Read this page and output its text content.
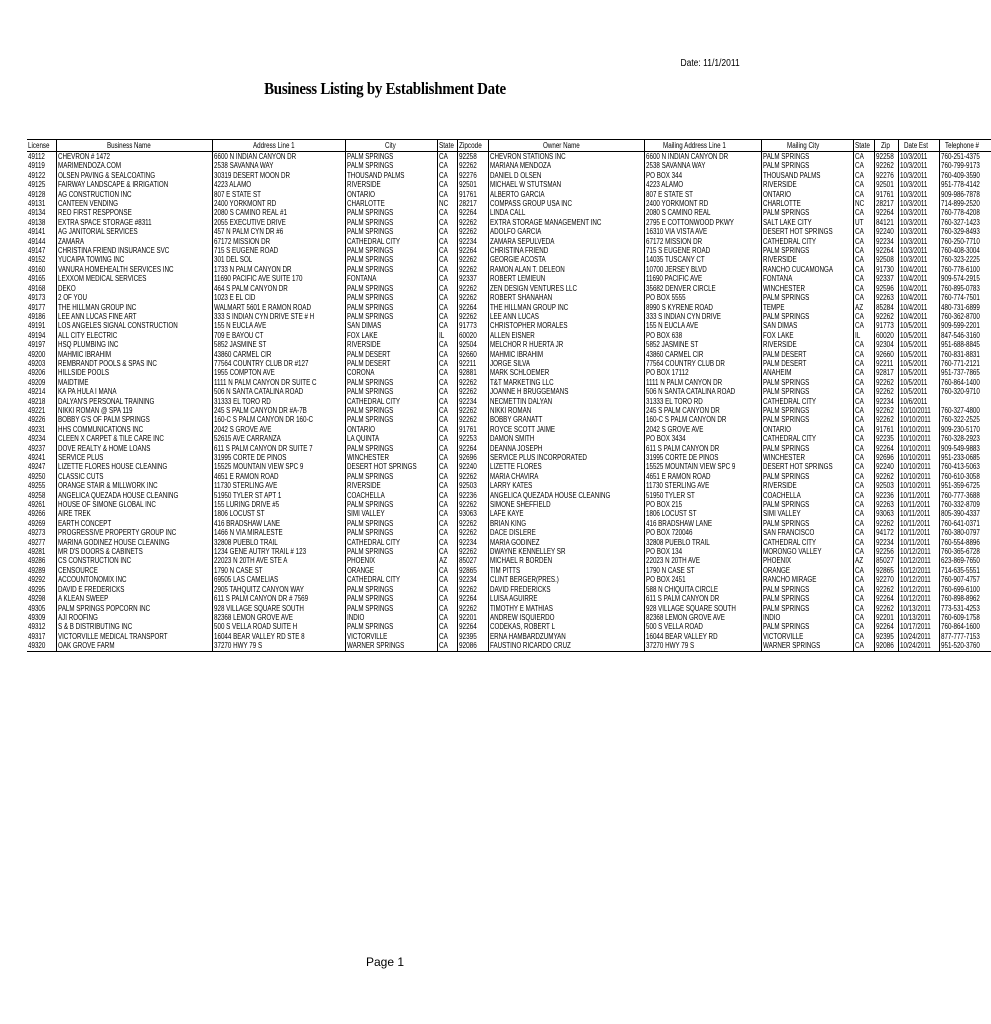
Date: 11/1/2011
Business Listing by Establishment Date
License	Business Name	Address Line 1	City	State	Zipcode	Owner Name	Mailing Address Line 1	Mailing City	State	Zip	Date Est	Telephone #
49112	CHEVRON # 1472	6600 N INDIAN CANYON DR	PALM SPRINGS	CA	92258	CHEVRON STATIONS INC	6600 N INDIAN CANYON DR	PALM SPRINGS	CA	92258	10/3/2011	760-251-4375
49119	MARIMENDOZA.COM	2538 SAVANNA WAY	PALM SPRINGS	CA	92262	MARIANA MENDOZA	2538 SAVANNA WAY	PALM SPRINGS	CA	92262	10/3/2011	760-799-9173
49122	OLSEN PAVING & SEALCOATING	30319 DESERT MOON DR	THOUSAND PALMS	CA	92276	DANIEL D OLSEN	PO BOX 344	THOUSAND PALMS	CA	92276	10/3/2011	760-409-3590
49125	FAIRWAY LANDSCAPE & IRRIGATION	4223 ALAMO	RIVERSIDE	CA	92501	MICHAEL W STUTSMAN	4223 ALAMO	RIVERSIDE	CA	92501	10/3/2011	951-778-4142
49128	AG CONSTRUCTION INC	807 E STATE ST	ONTARIO	CA	91761	ALBERTO GARCIA	807 E STATE ST	ONTARIO	CA	91761	10/3/2011	909-986-7878
49131	CANTEEN VENDING	2400 YORKMONT RD	CHARLOTTE	NC	28217	COMPASS GROUP USA INC	2400 YORKMONT RD	CHARLOTTE	NC	28217	10/3/2011	714-899-2520
49134	REO FIRST RESPPONSE	2080 S CAMINO REAL #1	PALM SPRINGS	CA	92264	LINDA CALL	2080 S CAMINO REAL	PALM SPRINGS	CA	92264	10/3/2011	760-778-4208
49138	EXTRA SPACE STORAGE #8311	2055 EXECUTIVE DRIVE	PALM SPRINGS	CA	92262	EXTRA STORAGE MANAGEMENT INC	2795 E COTTONWOOD PKWY	SALT LAKE CITY	UT	84121	10/3/2011	760-327-1423
49141	AG JANITORIAL SERVICES	457 N PALM CYN DR #6	PALM SPRINGS	CA	92262	ADOLFO GARCIA	16310 VIA VISTA AVE	DESERT HOT SPRINGS	CA	92240	10/3/2011	760-329-8493
49144	ZAMARA	67172 MISSION DR	CATHEDRAL CITY	CA	92234	ZAMARA SEPULVEDA	67172 MISSION DR	CATHEDRAL CITY	CA	92234	10/3/2011	760-250-7710
49147	CHRISTINA FRIEND INSURANCE SVC	715 S EUGENE ROAD	PALM SPRINGS	CA	92264	CHRISTINA FRIEND	715 S EUGENE ROAD	PALM SPRINGS	CA	92264	10/3/2011	760-408-3004
49152	YUCAIPA TOWING INC	301 DEL SOL	PALM SPRINGS	CA	92262	GEORGIE ACOSTA	14035 TUSCANY CT	RIVERSIDE	CA	92508	10/3/2011	760-323-2225
49160	VANURA HOMEHEALTH SERVICES INC	1733 N PALM CANYON DR	PALM SPRINGS	CA	92262	RAMON ALAN T. DELEON	10700 JERSEY BLVD	RANCHO CUCAMONGA	CA	91730	10/4/2011	760-778-6100
49165	LEXXOM MEDICAL SERVICES	11690 PACIFIC AVE SUITE 170	FONTANA	CA	92337	ROBERT LEMIEUN	11690 PACIFIC AVE	FONTANA	CA	92337	10/4/2011	909-574-2915
49168	DEKO	464 S PALM CANYON DR	PALM SPRINGS	CA	92262	ZEN DESIGN VENTURES LLC	35682 DENVER CIRCLE	WINCHESTER	CA	92596	10/4/2011	760-895-0783
49173	2 OF YOU	1023 E EL CID	PALM SPRINGS	CA	92262	ROBERT SHANAHAN	PO BOX 5555	PALM SPRINGS	CA	92263	10/4/2011	760-774-7501
49177	THE HILLMAN GROUP INC	WALMART 5601 E RAMON ROAD	PALM SPRINGS	CA	92264	THE HILLMAN GROUP INC	8990 S KYRENE ROAD	TEMPE	AZ	85284	10/4/2011	480-731-6899
49186	LEE ANN LUCAS FINE ART	333 S INDIAN CYN DRIVE STE # H	PALM SPRINGS	CA	92262	LEE ANN LUCAS	333 S INDIAN CYN DRIVE	PALM SPRINGS	CA	92262	10/4/2011	760-362-8700
49191	LOS ANGELES SIGNAL CONSTRUCTION	155 N EUCLA AVE	SAN DIMAS	CA	91773	CHRISTOPHER MORALES	155 N EUCLA AVE	SAN DIMAS	CA	91773	10/5/2011	909-599-2201
49194	ALL CITY ELECTRIC	709 E BAYOU CT	FOX LAKE	IL	60020	ALLEN EISNER	PO BOX 638	FOX LAKE	IL	60020	10/5/2011	847-546-3160
49197	HSQ PLUMBING INC	5852 JASMINE ST	RIVERSIDE	CA	92504	MELCHOR R HUERTA JR	5852 JASMINE ST	RIVERSIDE	CA	92304	10/5/2011	951-688-8845
49200	MAHMIC IBRAHIM	43860 CARMEL CIR	PALM DESERT	CA	92660	MAHMIC IBRAHIM	43860 CARMEL CIR	PALM DESERT	CA	92660	10/5/2011	760-831-8831
49203	REMBRANDT POOLS & SPAS INC	77564 COUNTRY CLUB DR #127	PALM DESERT	CA	92211	JORGE SILVA	77564 COUNTRY CLUB DR	PALM DESERT	CA	92211	10/5/2011	760-771-2121
49206	HILLSIDE POOLS	1955 COMPTON AVE	CORONA	CA	92881	MARK SCHLOEMER	PO BOX 17112	ANAHEIM	CA	92817	10/5/2011	951-737-7865
49209	MAIDTIME	1111 N PALM CANYON DR SUITE C	PALM SPRINGS	CA	92262	T&T MARKETING LLC	1111 N PALM CANYON DR	PALM SPRINGS	CA	92262	10/5/2011	760-864-1400
49214	KA PA HULA I MANA	506 N SANTA CATALINA ROAD	PALM SPRINGS	CA	92262	JOANNE H BRUGGEMANS	506 N SANTA CATALINA ROAD	PALM SPRINGS	CA	92262	10/5/2011	760-320-9710
49218	DALYAN'S PERSONAL TRAINING	31333 EL TORO RD	CATHEDRAL CITY	CA	92234	NECMETTIN DALYAN	31333 EL TORO RD	CATHEDRAL CITY	CA	92234	10/6/2011	
49221	NIKKI ROMAN @ SPA 119	245 S PALM CANYON DR #A-7B	PALM SPRINGS	CA	92262	NIKKI ROMAN	245 S PALM CANYON DR	PALM SPRINGS	CA	92262	10/10/2011	760-327-4800
49226	BOBBY G'S OF PALM SPRINGS	160-C S PALM CANYON DR 160-C	PALM SPRINGS	CA	92262	BOBBY GRANATT	160-C S PALM CANYON DR	PALM SPRINGS	CA	92262	10/10/2011	760-322-2525
49231	HHS COMMUNICATIONS INC	2042 S GROVE AVE	ONTARIO	CA	91761	ROYCE SCOTT JAIME	2042 S GROVE AVE	ONTARIO	CA	91761	10/10/2011	909-230-5170
49234	CLEEN X CARPET & TILE CARE INC	52615 AVE CARRANZA	LA QUINTA	CA	92253	DAMON SMITH	PO BOX 3434	CATHEDRAL CITY	CA	92235	10/10/2011	760-328-2923
49237	DOVE REALTY & HOME LOANS	611 S PALM CANYON DR SUITE 7	PALM SPRINGS	CA	92264	DEANNA JOSEPH	611 S PALM CANYON DR	PALM SPRINGS	CA	92264	10/10/2011	909-549-9883
49241	SERVICE PLUS	31995 CORTE DE PINOS	WINCHESTER	CA	92696	SERVICE PLUS INCORPORATED	31995 CORTE DE PINOS	WINCHESTER	CA	92696	10/10/2011	951-233-0685
49247	LIZETTE FLORES HOUSE CLEANING	15525 MOUNTAIN VIEW SPC 9	DESERT HOT SPRINGS	CA	92240	LIZETTE FLORES	15525 MOUNTAIN VIEW SPC 9	DESERT HOT SPRINGS	CA	92240	10/10/2011	760-413-5063
49250	CLASSIC CUTS	4651 E RAMON ROAD	PALM SPRINGS	CA	92262	MARIA CHAVIRA	4651 E RAMON ROAD	PALM SPRINGS	CA	92262	10/10/2011	760-610-3058
49255	ORANGE STAIR & MILLWORK INC	11730 STERLING AVE	RIVERSIDE	CA	92503	LARRY KATES	11730 STERLING AVE	RIVERSIDE	CA	92503	10/10/2011	951-359-6725
49258	ANGELICA QUEZADA HOUSE CLEANING	51950 TYLER ST APT 1	COACHELLA	CA	92236	ANGELICA QUEZADA HOUSE CLEANING	51950 TYLER ST	COACHELLA	CA	92236	10/11/2011	760-777-3688
49261	HOUSE OF SIMONE GLOBAL INC	155 LURING DRIVE #5	PALM SPRINGS	CA	92262	SIMONE SHEFFIELD	PO BOX 215	PALM SPRINGS	CA	92263	10/11/2011	760-332-8709
49266	AIRE TREK	1806 LOCUST ST	SIMI VALLEY	CA	93063	LAFE KAYE	1806 LOCUST ST	SIMI VALLEY	CA	93063	10/11/2011	805-390-4337
49269	EARTH CONCEPT	416 BRADSHAW LANE	PALM SPRINGS	CA	92262	BRIAN KING	416 BRADSHAW LANE	PALM SPRINGS	CA	92262	10/11/2011	760-641-0371
49273	PROGRESSIVE PROPERTY GROUP INC	1466 N VIA MIRALESTE	PALM SPRINGS	CA	92262	DACE DISLERE	PO BOX 720046	SAN FRANCISCO	CA	94172	10/11/2011	760-380-0797
49277	MARINA GODINEZ HOUSE CLEANING	32808 PUEBLO TRAIL	CATHEDRAL CITY	CA	92234	MARIA GODINEZ	32808 PUEBLO TRAIL	CATHEDRAL CITY	CA	92234	10/11/2011	760-554-8896
49281	MR D'S DOORS & CABINETS	1234 GENE AUTRY TRAIL # 123	PALM SPRINGS	CA	92262	DWAYNE KENNELLEY SR	PO BOX 134	MORONGO VALLEY	CA	92256	10/12/2011	760-365-6728
49286	CS CONSTRUCTION INC	22023 N 20TH AVE STE A	PHOENIX	AZ	85027	MICHAEL R BORDEN	22023 N 20TH AVE	PHOENIX	AZ	85027	10/12/2011	623-869-7650
49289	CENSOURCE	1790 N CASE ST	ORANGE	CA	92865	TIM PITTS	1790 N CASE ST	ORANGE	CA	92865	10/12/2011	714-635-5551
49292	ACCOUNTONOMIX INC	69505 LAS CAMELIAS	CATHEDRAL CITY	CA	92234	CLINT BERGER(PRES.)	PO BOX 2451	RANCHO MIRAGE	CA	92270	10/12/2011	760-907-4757
49295	DAVID E FREDERICKS	2905 TAHQUITZ CANYON WAY	PALM SPRINGS	CA	92262	DAVID FREDERICKS	588 N CHIQUITA CIRCLE	PALM SPRINGS	CA	92262	10/12/2011	760-699-6100
49298	A KLEAN SWEEP	611 S PALM CANYON DR # 7569	PALM SPRINGS	CA	92264	LUISA AGUIRRE	611 S PALM CANYON DR	PALM SPRINGS	CA	92264	10/12/2011	760-898-8962
49305	PALM SPRINGS POPCORN INC	928 VILLAGE SQUARE SOUTH	PALM SPRINGS	CA	92262	TIMOTHY E MATHIAS	928 VILLAGE SQUARE SOUTH	PALM SPRINGS	CA	92262	10/13/2011	773-531-4253
49309	AJI ROOFING	82368 LEMON GROVE AVE	INDIO	CA	92201	ANDREW ISQUIERDO	82368 LEMON GROVE AVE	INDIO	CA	92201	10/13/2011	760-609-1758
49312	S & B DISTRIBUTING INC	500 S VELLA ROAD SUITE H	PALM SPRINGS	CA	92264	CODEKAS, ROBERT L	500 S VELLA ROAD	PALM SPRINGS	CA	92264	10/17/2011	760-864-1600
49317	VICTORVILLE MEDICAL TRANSPORT	16044 BEAR VALLEY RD STE 8	VICTORVILLE	CA	92395	ERNA HAMBARDZUMYAN	16044 BEAR VALLEY RD	VICTORVILLE	CA	92395	10/24/2011	877-777-7153
49320	OAK GROVE FARM	37270 HWY 79 S	WARNER SPRINGS	CA	92086	FAUSTINO RICARDO CRUZ	37270 HWY 79 S	WARNER SPRINGS	CA	92086	10/24/2011	951-520-3760
Page 1
